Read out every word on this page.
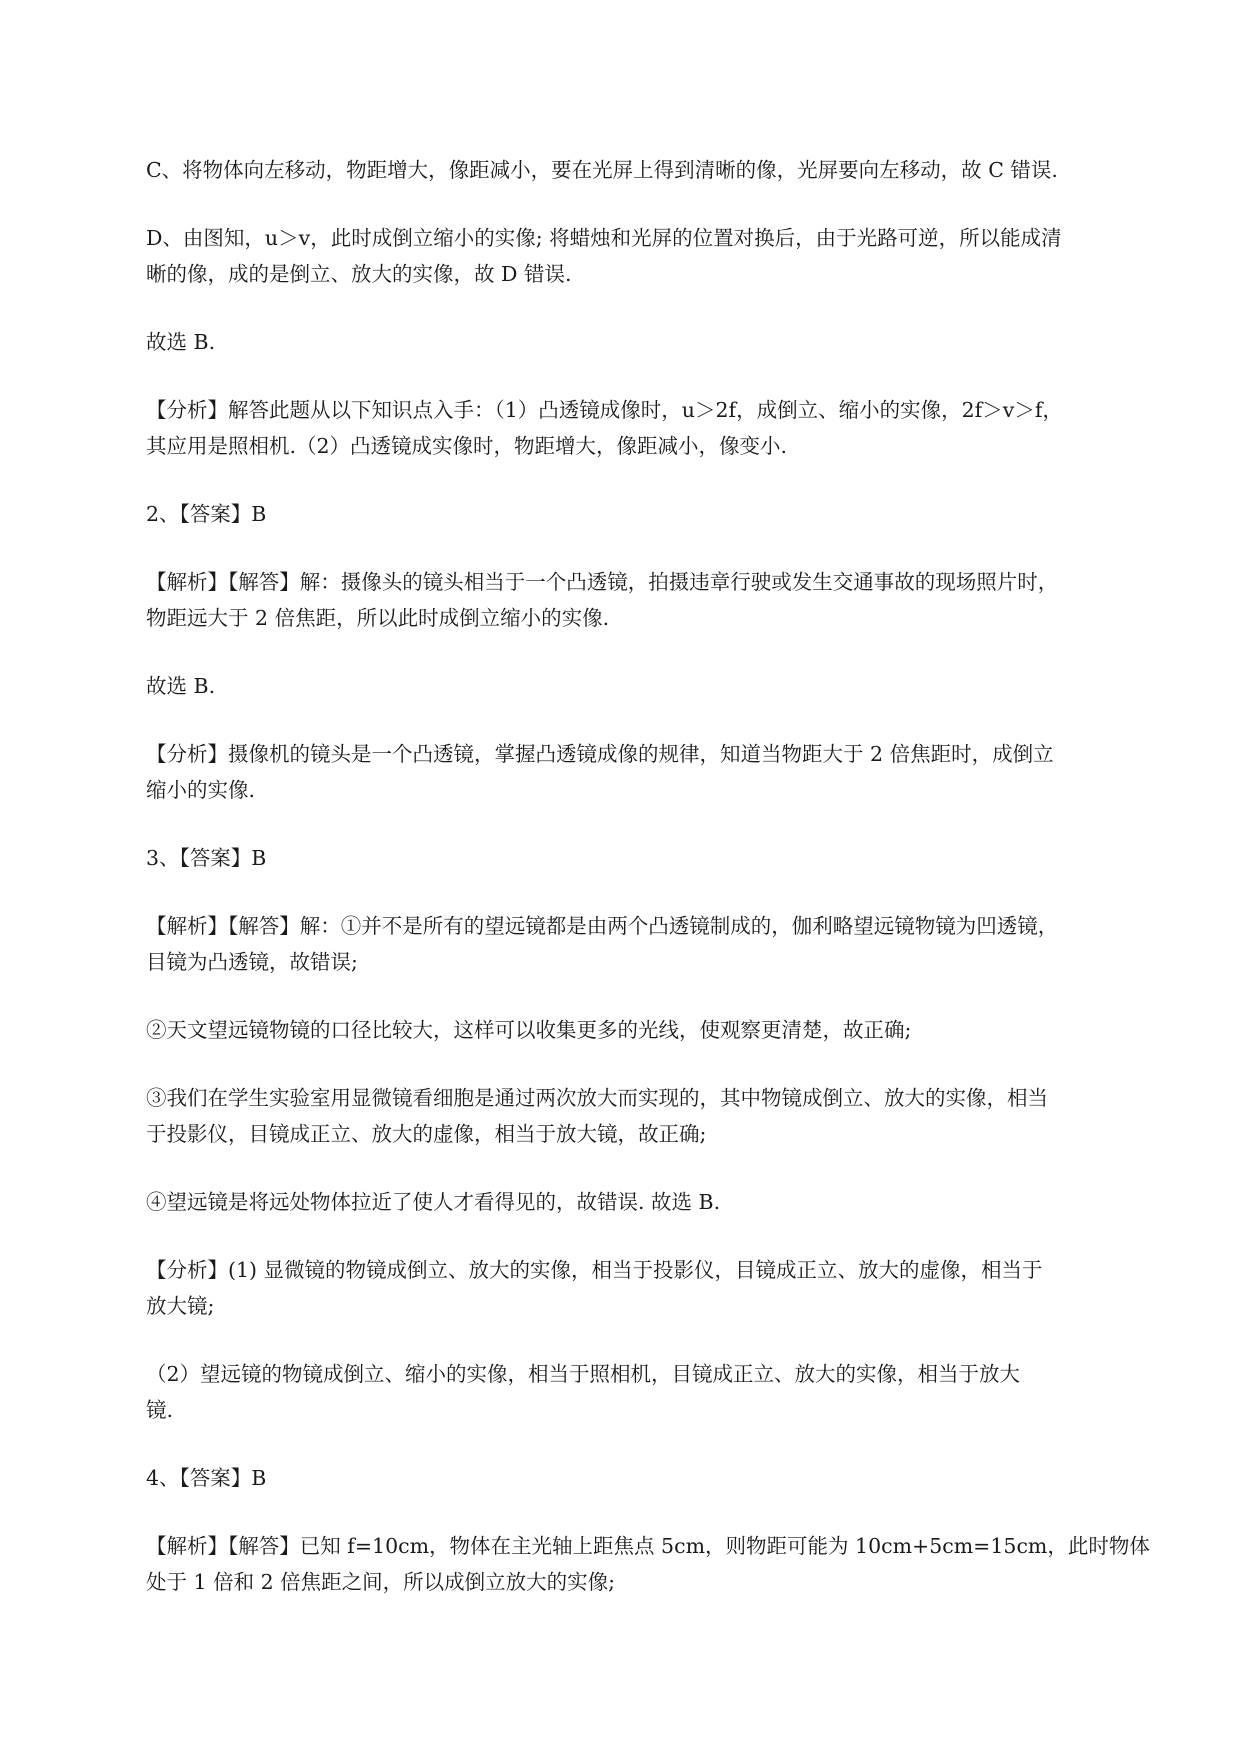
C、将物体向左移动，物距增大，像距减小，要在光屏上得到清晰的像，光屏要向左移动，故 C 错误.
D、由图知，u＞v，此时成倒立缩小的实像; 将蜡烛和光屏的位置对换后，由于光路可逆，所以能成清
晰的像，成的是倒立、放大的实像，故 D 错误.
故选 B.
【分析】解答此题从以下知识点入手：（1）凸透镜成像时，u＞2f，成倒立、缩小的实像，2f＞v＞f，
其应用是照相机.（2）凸透镜成实像时，物距增大，像距减小，像变小.
2、【答案】B
【解析】【解答】解：摄像头的镜头相当于一个凸透镜，拍摄违章行驶或发生交通事故的现场照片时，
物距远大于 2 倍焦距，所以此时成倒立缩小的实像.
故选 B.
【分析】摄像机的镜头是一个凸透镜，掌握凸透镜成像的规律，知道当物距大于 2 倍焦距时，成倒立
缩小的实像.
3、【答案】B
【解析】【解答】解：①并不是所有的望远镜都是由两个凸透镜制成的，伽利略望远镜物镜为凹透镜，
目镜为凸透镜，故错误;
②天文望远镜物镜的口径比较大，这样可以收集更多的光线，使观察更清楚，故正确;
③我们在学生实验室用显微镜看细胞是通过两次放大而实现的，其中物镜成倒立、放大的实像，相当
于投影仪，目镜成正立、放大的虚像，相当于放大镜，故正确;
④望远镜是将远处物体拉近了使人才看得见的，故错误. 故选 B.
【分析】(1) 显微镜的物镜成倒立、放大的实像，相当于投影仪，目镜成正立、放大的虚像，相当于
放大镜;
（2）望远镜的物镜成倒立、缩小的实像，相当于照相机，目镜成正立、放大的实像，相当于放大
镜.
4、【答案】B
【解析】【解答】已知 f=10cm，物体在主光轴上距焦点 5cm，则物距可能为 10cm+5cm=15cm，此时物体
处于 1 倍和 2 倍焦距之间，所以成倒立放大的实像;
